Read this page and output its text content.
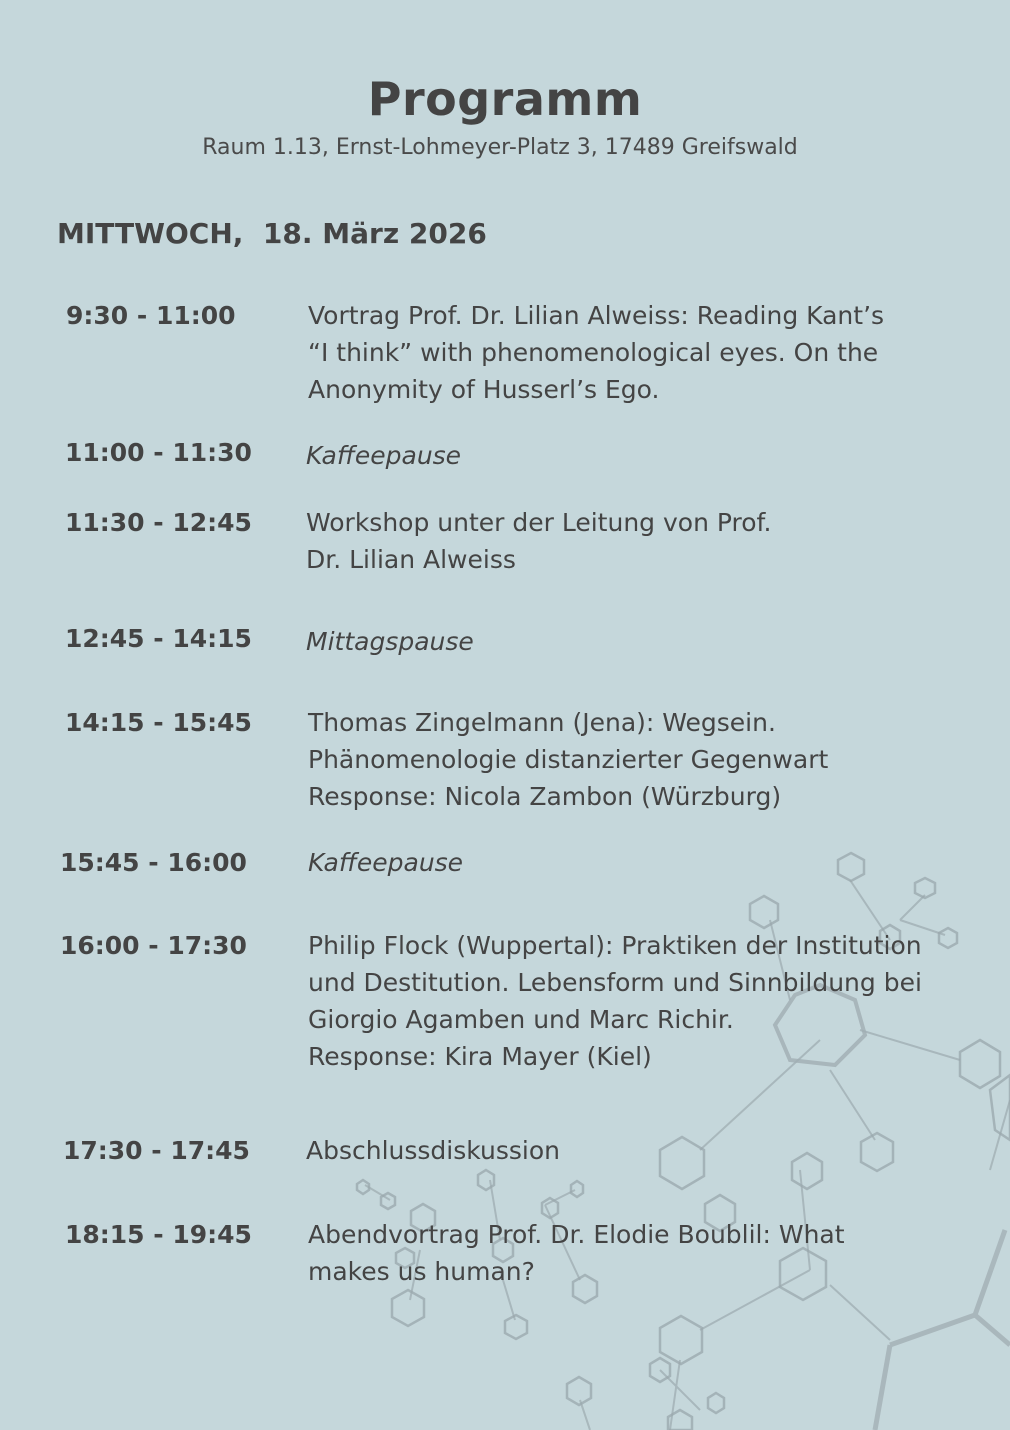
Programm

Raum 1.13, Ernst-Lohmeyer-Platz 3, 17489 Greifswald

MITTWOCH,  18. März 2026
9:30 - 11:00	Vortrag Prof. Dr. Lilian Alweiss: Reading Kant’s
“I think” with phenomenological eyes. On the
Anonymity of Husserl’s Ego.
11:00 - 11:30	Kaffeepause
11:30 - 12:45	Workshop unter der Leitung von Prof.
Dr. Lilian Alweiss
12:45 - 14:15	Mittagspause
14:15 - 15:45	Thomas Zingelmann (Jena): Wegsein.
Phänomenologie distanzierter Gegenwart
Response: Nicola Zambon (Würzburg)
15:45 - 16:00	Kaffeepause
16:00 - 17:30	Philip Flock (Wuppertal): Praktiken der Institution
und Destitution. Lebensform und Sinnbildung bei
Giorgio Agamben und Marc Richir.
Response: Kira Mayer (Kiel)
17:30 - 17:45	Abschlussdiskussion
18:15 - 19:45	Abendvortrag Prof. Dr. Elodie Boublil: What
makes us human?
